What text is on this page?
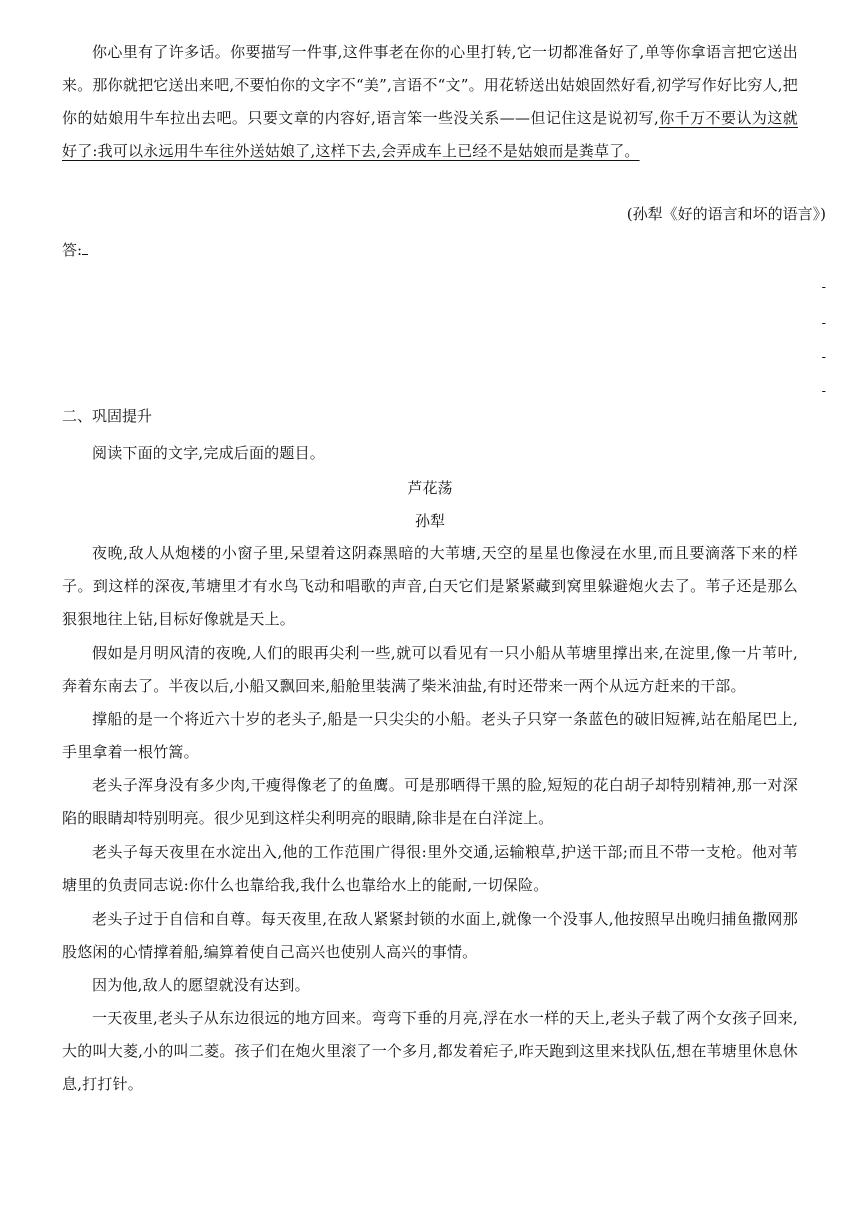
你心里有了许多话。你要描写一件事,这件事老在你的心里打转,它一切都准备好了,单等你拿语言把它送出来。那你就把它送出来吧,不要怕你的文字不“美”,言语不“文”。用花轿送出姑娘固然好看,初学写作好比穷人,把你的姑娘用牛车拉出去吧。只要文章的内容好,语言笨一些没关系——但记住这是说初写,你千万不要认为这就好了:我可以永远用牛车往外送姑娘了,这样下去,会弄成车上已经不是姑娘而是粪草了。

(孙犁《好的语言和坏的语言》)

答:

-
-
-
-

二、巩固提升

阅读下面的文字,完成后面的题目。

芦花荡

孙犁

夜晚,敌人从炮楼的小窗子里,呆望着这阴森黑暗的大苇塘,天空的星星也像浸在水里,而且要滴落下来的样子。到这样的深夜,苇塘里才有水鸟飞动和唱歌的声音,白天它们是紧紧藏到窝里躲避炮火去了。苇子还是那么狠狠地往上钻,目标好像就是天上。

假如是月明风清的夜晚,人们的眼再尖利一些,就可以看见有一只小船从苇塘里撑出来,在淀里,像一片苇叶,奔着东南去了。半夜以后,小船又飘回来,船舱里装满了柴米油盐,有时还带来一两个从远方赶来的干部。

撑船的是一个将近六十岁的老头子,船是一只尖尖的小船。老头子只穿一条蓝色的破旧短裤,站在船尾巴上,手里拿着一根竹篙。

老头子浑身没有多少肉,干瘦得像老了的鱼鹰。可是那晒得干黑的脸,短短的花白胡子却特别精神,那一对深陷的眼睛却特别明亮。很少见到这样尖利明亮的眼睛,除非是在白洋淀上。

老头子每天夜里在水淀出入,他的工作范围广得很:里外交通,运输粮草,护送干部;而且不带一支枪。他对苇塘里的负责同志说:你什么也靠给我,我什么也靠给水上的能耐,一切保险。

老头子过于自信和自尊。每天夜里,在敌人紧紧封锁的水面上,就像一个没事人,他按照早出晚归捕鱼撒网那股悠闲的心情撑着船,编算着使自己高兴也使别人高兴的事情。

因为他,敌人的愿望就没有达到。

一天夜里,老头子从东边很远的地方回来。弯弯下垂的月亮,浮在水一样的天上,老头子载了两个女孩子回来,大的叫大菱,小的叫二菱。孩子们在炮火里滚了一个多月,都发着疟子,昨天跑到这里来找队伍,想在苇塘里休息休息,打打针。
